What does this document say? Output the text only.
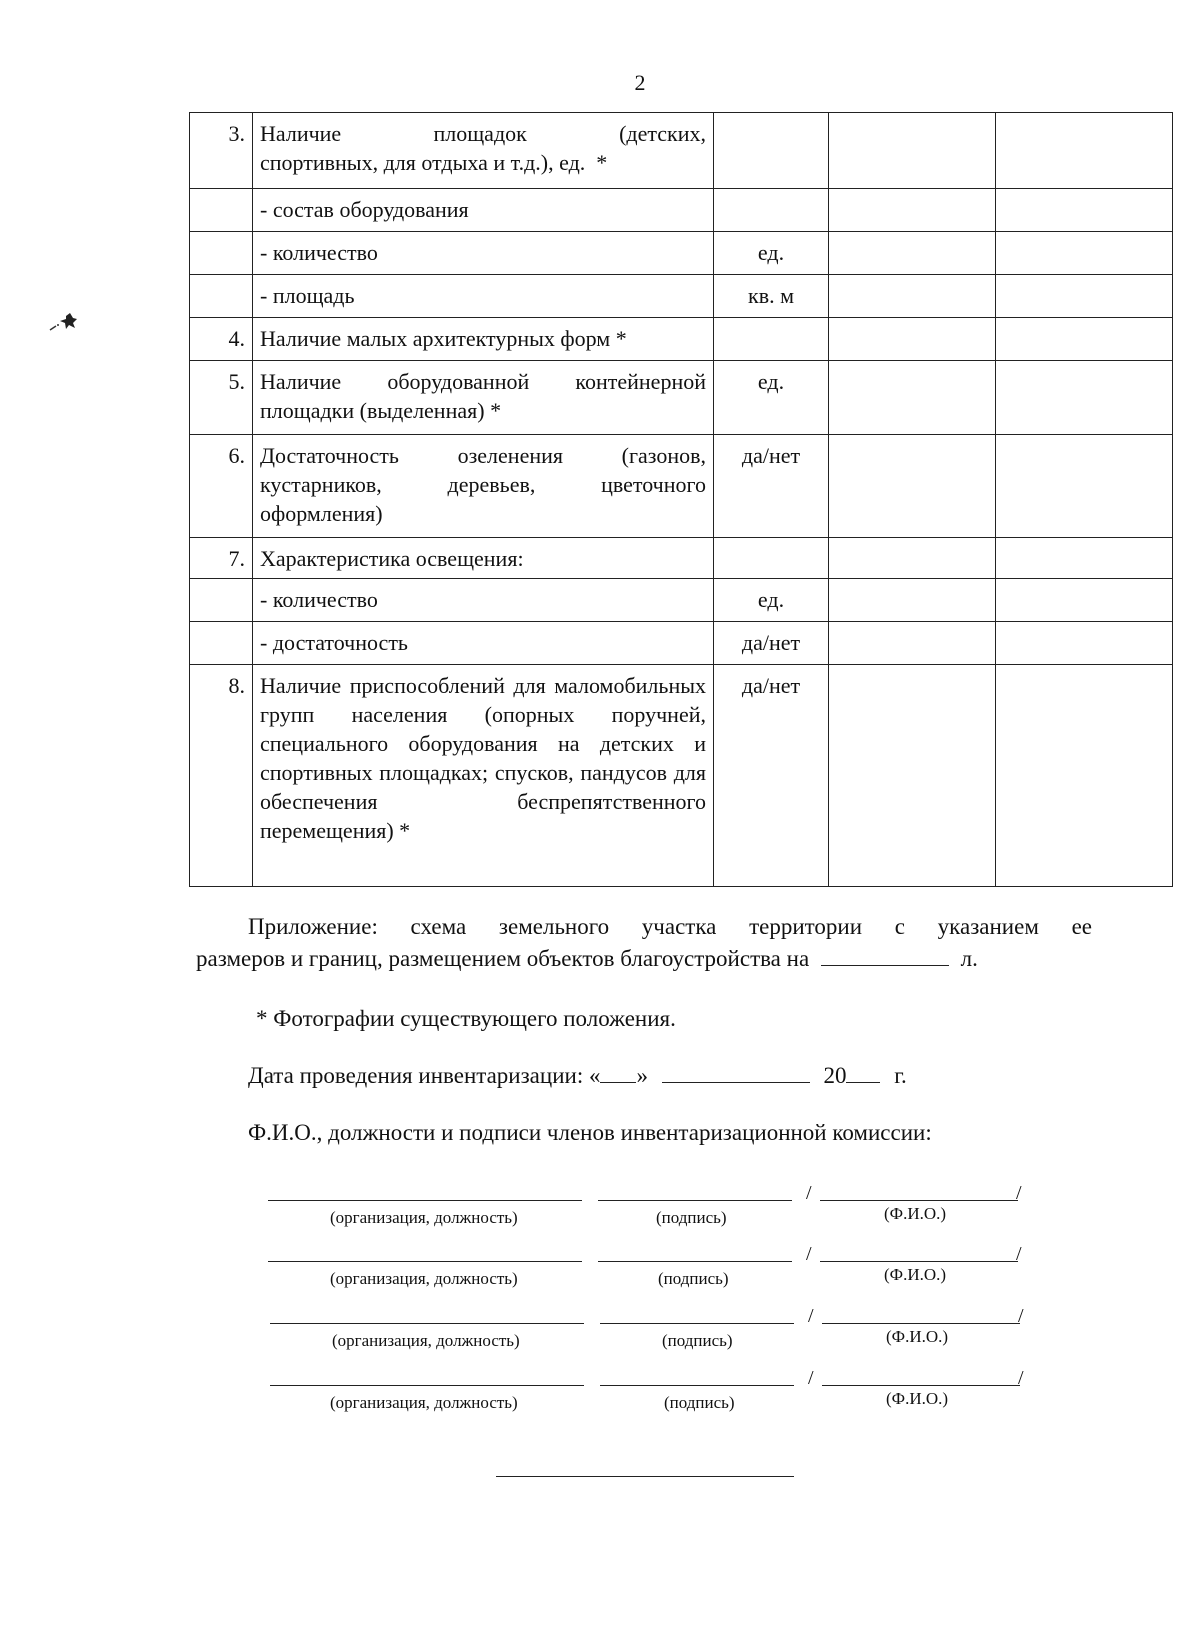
2
3.	Наличие площадок (детских,
спортивных, для отдыха и т.д.), ед.  *			
	- состав оборудования			
	- количество	ед.		
	- площадь	кв. м		
4.	Наличие малых архитектурных форм *			
5.	Наличие оборудованной контейнерной площадки (выделенная) *	ед.		
6.	Достаточность озеленения (газонов, кустарников, деревьев, цветочного оформления)	да/нет		
7.	Характеристика освещения:			
	- количество	ед.		
	- достаточность	да/нет		
8.	Наличие приспособлений для маломобильных групп населения (опорных поручней, специального оборудования на детских и спортивных площадках; спусков, пандусов для обеспечения беспрепятственного перемещения) *	да/нет		
Приложение: схема земельного участка территории с указанием ее
размеров и границ, размещением объектов благоустройства на	л.
* Фотографии существующего положения.
Дата проведения инвентаризации: « »	20 г.
Ф.И.О., должности и подписи членов инвентаризационной комиссии:
/	/
(организация, должность)	(подпись)	(Ф.И.О.)
/	/
(организация, должность)	(подпись)	(Ф.И.О.)
/	/
(организация, должность)	(подпись)	(Ф.И.О.)
/	/
(организация, должность)	(подпись)	(Ф.И.О.)
